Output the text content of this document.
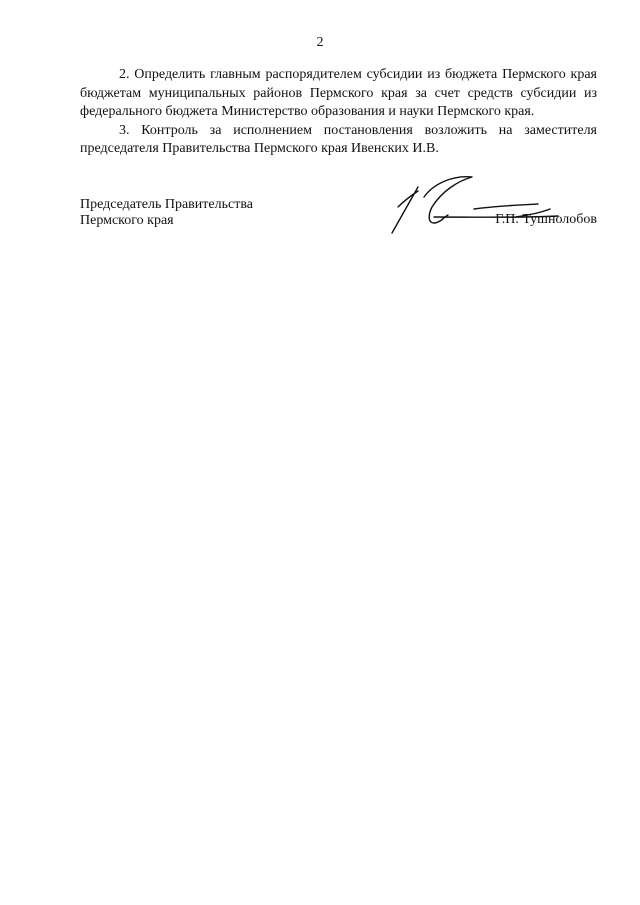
2

2. Определить главным распорядителем субсидии из бюджета Пермского края бюджетам муниципальных районов Пермского края за счет средств субсидии из федерального бюджета Министерство образования и науки Пермского края.

3. Контроль за исполнением постановления возложить на заместителя председателя Правительства Пермского края Ивенских И.В.

Председатель Правительства
Пермского края	Г.П. Тушнолобов
